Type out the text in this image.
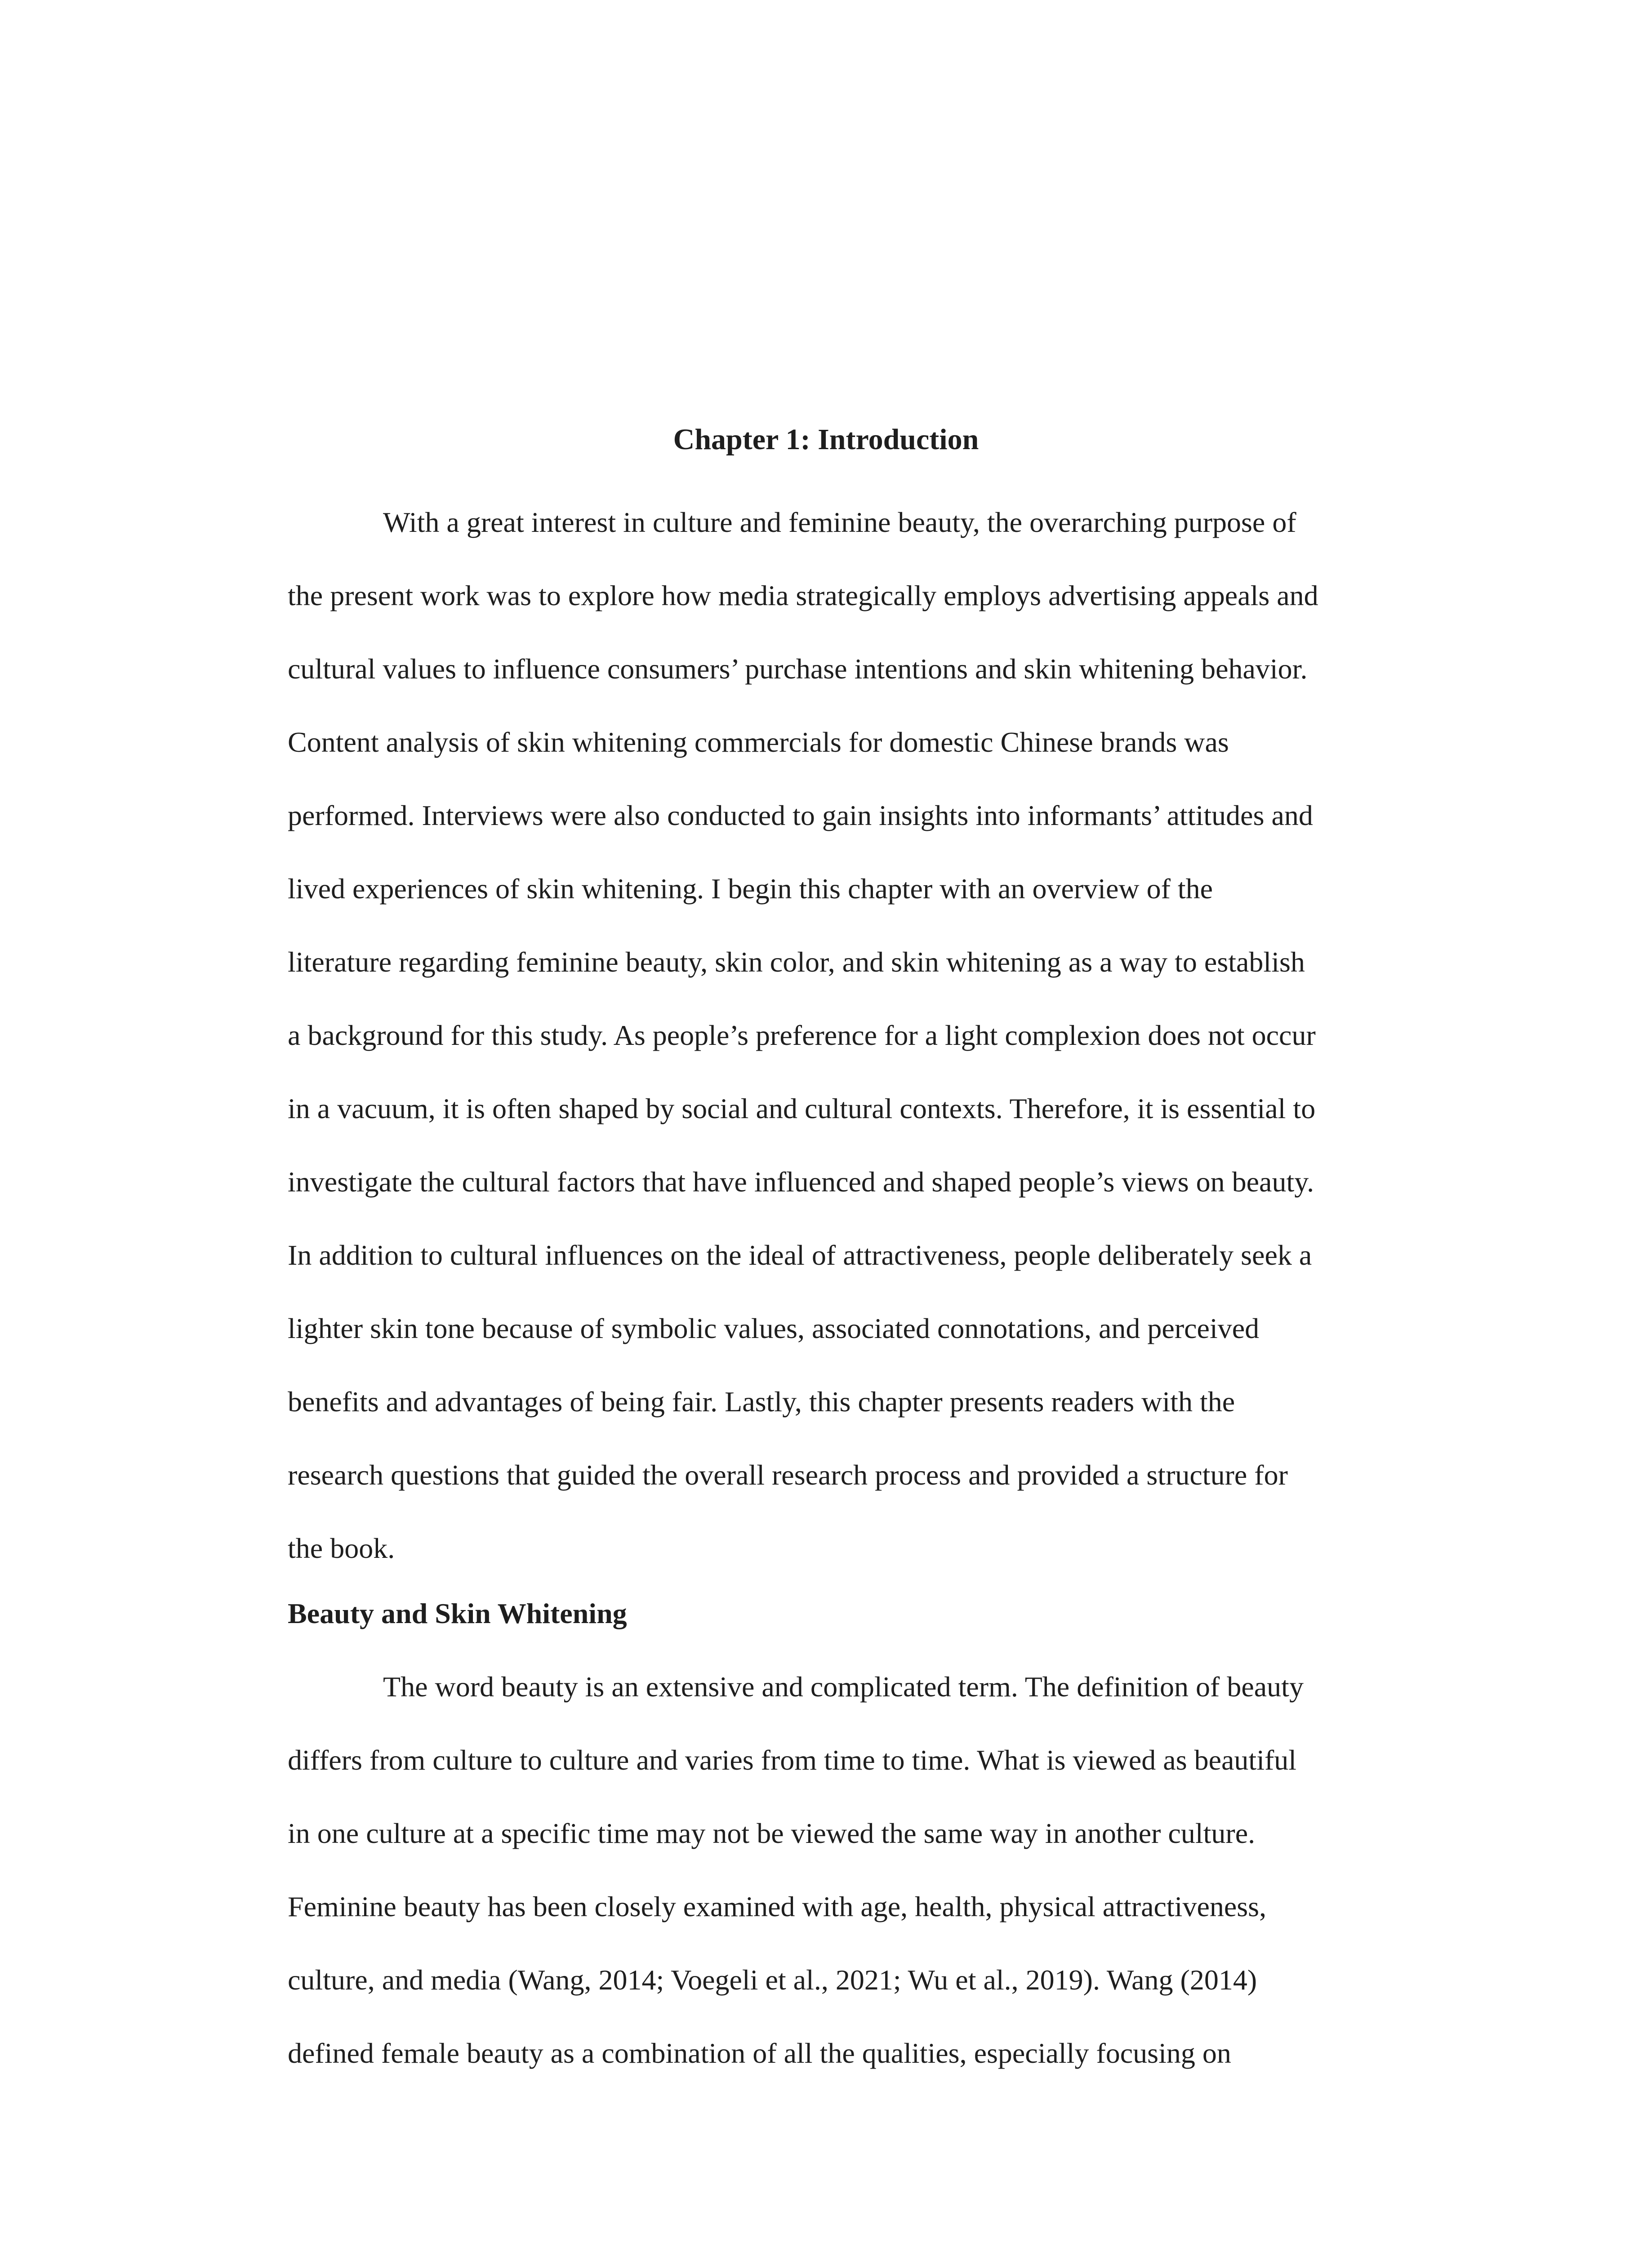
Chapter 1: Introduction
With a great interest in culture and feminine beauty, the overarching purpose of
the present work was to explore how media strategically employs advertising appeals and
cultural values to influence consumers’ purchase intentions and skin whitening behavior.
Content analysis of skin whitening commercials for domestic Chinese brands was
performed. Interviews were also conducted to gain insights into informants’ attitudes and
lived experiences of skin whitening. I begin this chapter with an overview of the
literature regarding feminine beauty, skin color, and skin whitening as a way to establish
a background for this study. As people’s preference for a light complexion does not occur
in a vacuum, it is often shaped by social and cultural contexts. Therefore, it is essential to
investigate the cultural factors that have influenced and shaped people’s views on beauty.
In addition to cultural influences on the ideal of attractiveness, people deliberately seek a
lighter skin tone because of symbolic values, associated connotations, and perceived
benefits and advantages of being fair. Lastly, this chapter presents readers with the
research questions that guided the overall research process and provided a structure for
the book.
Beauty and Skin Whitening
The word beauty is an extensive and complicated term. The definition of beauty
differs from culture to culture and varies from time to time. What is viewed as beautiful
in one culture at a specific time may not be viewed the same way in another culture.
Feminine beauty has been closely examined with age, health, physical attractiveness,
culture, and media (Wang, 2014; Voegeli et al., 2021; Wu et al., 2019). Wang (2014)
defined female beauty as a combination of all the qualities, especially focusing on
